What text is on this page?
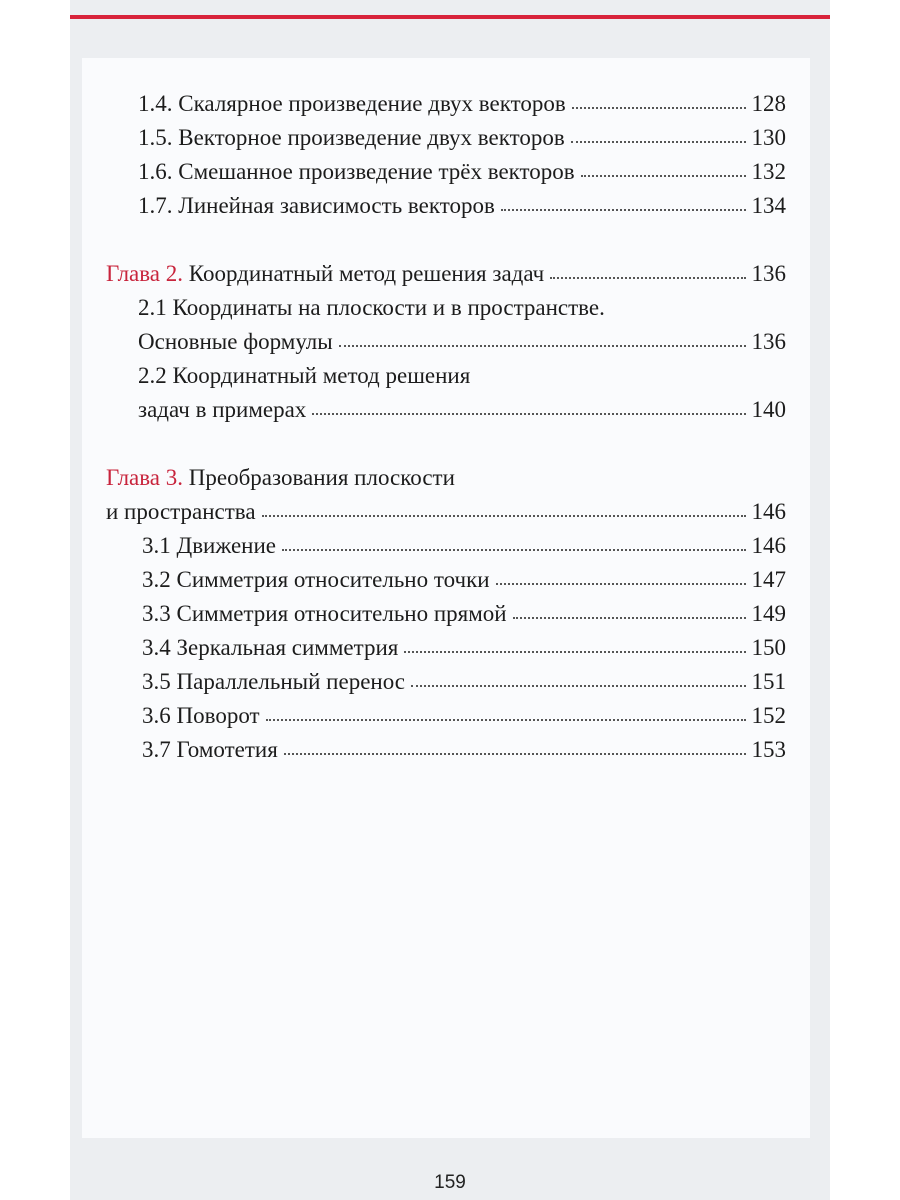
1.4. Скалярное произведение двух векторов	128
1.5. Векторное произведение двух векторов	130
1.6. Смешанное произведение трёх векторов	132
1.7. Линейная зависимость векторов	134
Глава 2. Координатный метод решения задач	136
2.1 Координаты на плоскости и в пространстве.
Основные формулы	136
2.2 Координатный метод решения
задач в примерах	140
Глава 3. Преобразования плоскости
и пространства	146
3.1 Движение	146
3.2 Симметрия относительно точки	147
3.3 Симметрия относительно прямой	149
3.4 Зеркальная симметрия	150
3.5 Параллельный перенос	151
3.6 Поворот	152
3.7 Гомотетия	153
159
